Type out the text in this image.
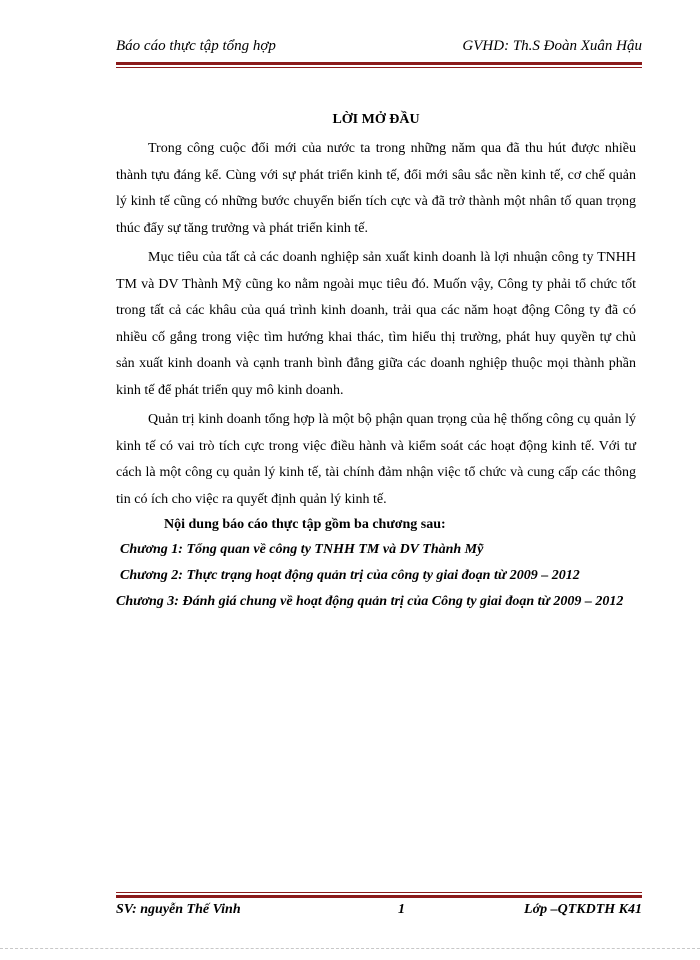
Báo cáo thực tập tổng hợp	GVHD: Th.S Đoàn Xuân Hậu

LỜI MỞ ĐẦU

Trong công cuộc đổi mới của nước ta trong những năm qua đã thu hút được nhiều thành tựu đáng kể. Cùng với sự phát triển kinh tế, đổi mới sâu sắc nền kinh tế, cơ chế quản lý kinh tế cũng có những bước chuyển biến tích cực và đã trở thành một nhân tố quan trọng thúc đẩy sự tăng trưởng và phát triển kinh tế.

Mục tiêu của tất cả các doanh nghiệp sản xuất kinh doanh là lợi nhuận công ty TNHH TM và DV Thành Mỹ cũng ko nằm ngoài mục tiêu đó. Muốn vậy, Công ty phải tổ chức tốt trong tất cả các khâu của quá trình kinh doanh, trải qua các năm hoạt động Công ty đã có nhiều cố gắng trong việc tìm hướng khai thác, tìm hiểu thị trường, phát huy quyền tự chủ sản xuất kinh doanh và cạnh tranh bình đẳng giữa các doanh nghiệp thuộc mọi thành phần kinh tế để phát triển quy mô kinh doanh.

Quản trị kinh doanh tổng hợp là một bộ phận quan trọng của hệ thống công cụ quản lý kinh tế có vai trò tích cực trong việc điều hành và kiểm soát các hoạt động kinh tế. Với tư cách là một công cụ quản lý kinh tế, tài chính đảm nhận việc tổ chức và cung cấp các thông tin có ích cho việc ra quyết định quản lý kinh tế.

Nội dung báo cáo thực tập gồm ba chương sau:

Chương 1: Tổng quan về công ty TNHH TM và DV Thành Mỹ

Chương 2: Thực trạng hoạt động quản trị của công ty giai đoạn từ 2009 – 2012

Chương 3: Đánh giá chung về hoạt động quản trị của Công ty giai đoạn từ 2009 – 2012

SV: nguyễn Thế Vinh	1	Lớp –QTKDTH K41
